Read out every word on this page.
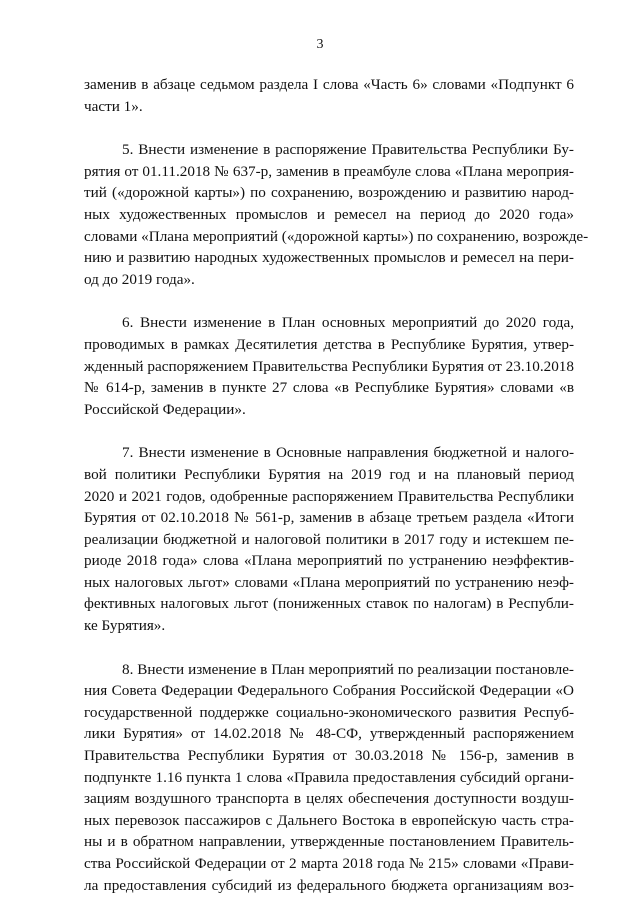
3
заменив в абзаце седьмом раздела I слова «Часть 6» словами «Подпункт 6
части 1».
5. Внести изменение в распоряжение Правительства Республики Бу-
рятия от 01.11.2018 № 637-р, заменив в преамбуле слова «Плана мероприя-
тий («дорожной карты») по сохранению, возрождению и развитию народ-
ных художественных промыслов и ремесел на период до 2020 года»
словами «Плана мероприятий («дорожной карты») по сохранению, возрожде-
нию и развитию народных художественных промыслов и ремесел на пери-
од до 2019 года».
6. Внести изменение в План основных мероприятий до 2020 года,
проводимых в рамках Десятилетия детства в Республике Бурятия, утвер-
жденный распоряжением Правительства Республики Бурятия от 23.10.2018
№ 614-р, заменив в пункте 27 слова «в Республике Бурятия» словами «в
Российской Федерации».
7. Внести изменение в Основные направления бюджетной и налого-
вой политики Республики Бурятия на 2019 год и на плановый период
2020 и 2021 годов, одобренные распоряжением Правительства Республики
Бурятия от 02.10.2018 № 561-р, заменив в абзаце третьем раздела «Итоги
реализации бюджетной и налоговой политики в 2017 году и истекшем пе-
риоде 2018 года» слова «Плана мероприятий по устранению неэффектив-
ных налоговых льгот» словами «Плана мероприятий по устранению неэф-
фективных налоговых льгот (пониженных ставок по налогам) в Республи-
ке Бурятия».
8. Внести изменение в План мероприятий по реализации постановле-
ния Совета Федерации Федерального Собрания Российской Федерации «О
государственной поддержке социально-экономического развития Респуб-
лики Бурятия» от 14.02.2018 № 48-СФ, утвержденный распоряжением
Правительства Республики Бурятия от 30.03.2018 № 156-р, заменив в
подпункте 1.16 пункта 1 слова «Правила предоставления субсидий органи-
зациям воздушного транспорта в целях обеспечения доступности воздуш-
ных перевозок пассажиров с Дальнего Востока в европейскую часть стра-
ны и в обратном направлении, утвержденные постановлением Правитель-
ства Российской Федерации от 2 марта 2018 года № 215» словами «Прави-
ла предоставления субсидий из федерального бюджета организациям воз-
